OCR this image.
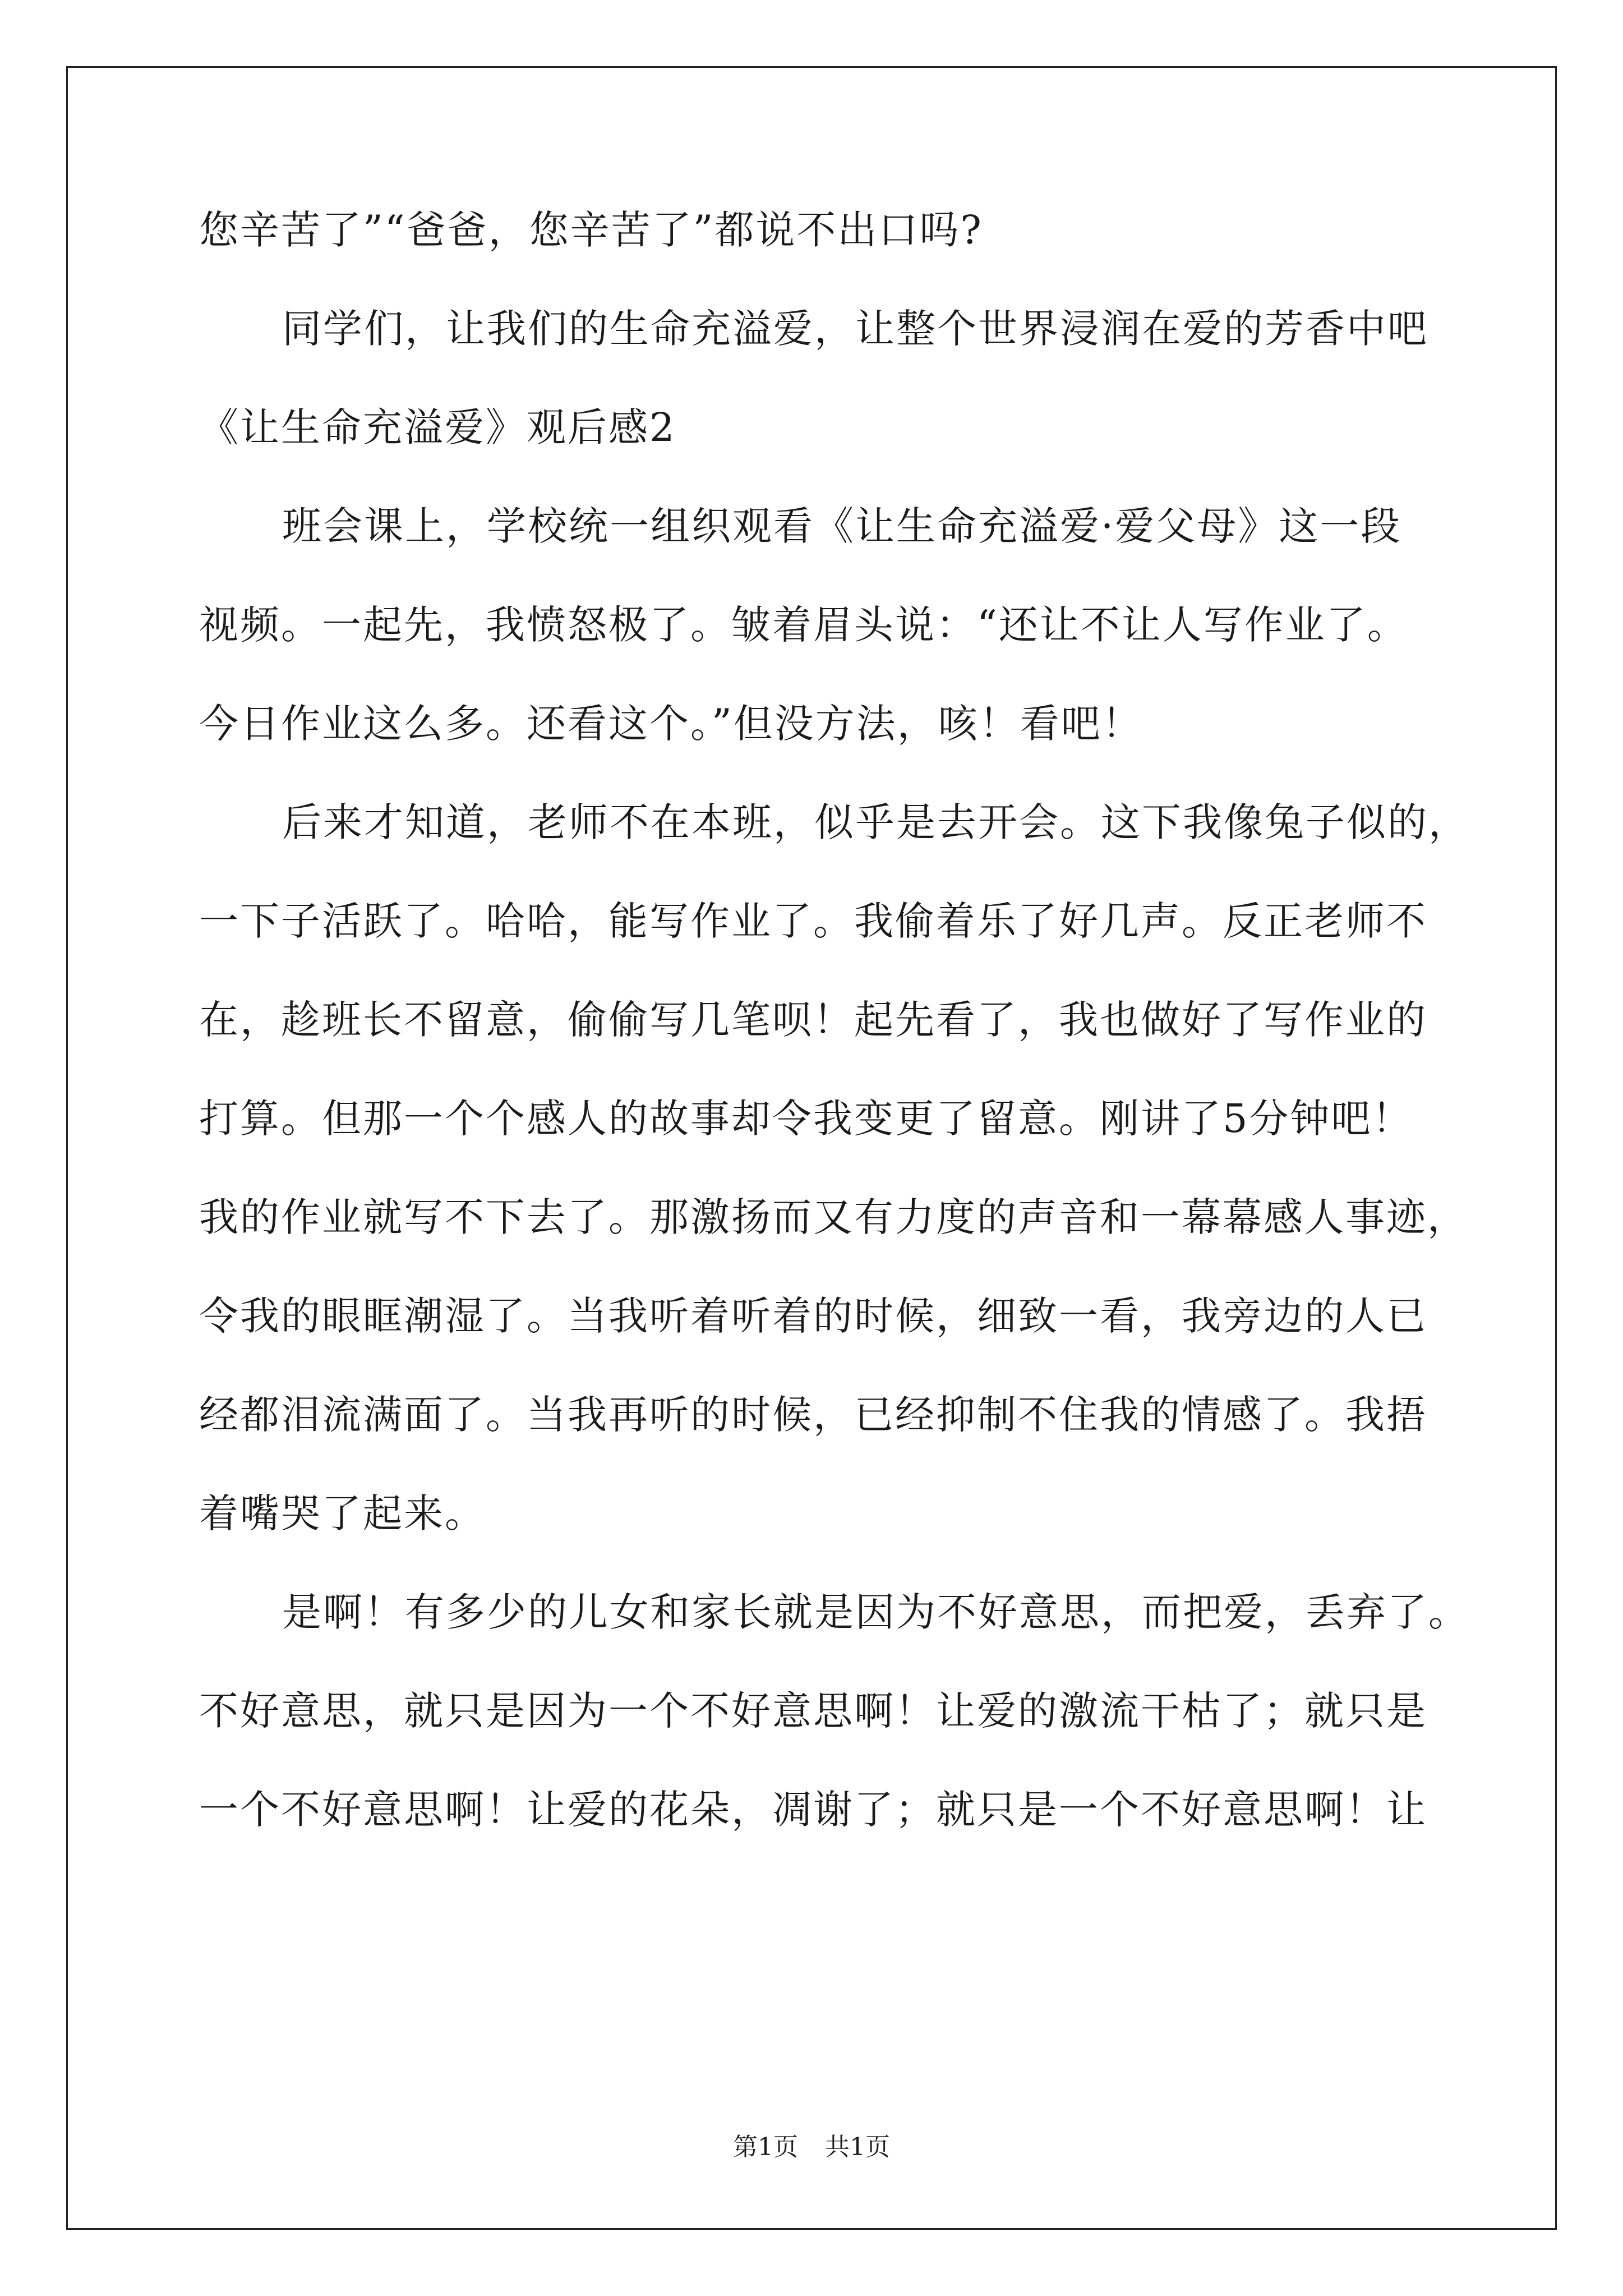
您辛苦了”“爸爸，您辛苦了”都说不出口吗?
同学们，让我们的生命充溢爱，让整个世界浸润在爱的芳香中吧
《让生命充溢爱》观后感2
班会课上，学校统一组织观看《让生命充溢爱·爱父母》这一段
视频。一起先，我愤怒极了。皱着眉头说：“还让不让人写作业了。
今日作业这么多。还看这个。”但没方法，咳！看吧！
后来才知道，老师不在本班，似乎是去开会。这下我像兔子似的，
一下子活跃了。哈哈，能写作业了。我偷着乐了好几声。反正老师不
在，趁班长不留意，偷偷写几笔呗！起先看了，我也做好了写作业的
打算。但那一个个感人的故事却令我变更了留意。刚讲了5分钟吧！
我的作业就写不下去了。那激扬而又有力度的声音和一幕幕感人事迹，
令我的眼眶潮湿了。当我听着听着的时候，细致一看，我旁边的人已
经都泪流满面了。当我再听的时候，已经抑制不住我的情感了。我捂
着嘴哭了起来。
是啊！有多少的儿女和家长就是因为不好意思，而把爱，丢弃了。
不好意思，就只是因为一个不好意思啊！让爱的激流干枯了；就只是
一个不好意思啊！让爱的花朵，凋谢了；就只是一个不好意思啊！让
第1页 共1页
